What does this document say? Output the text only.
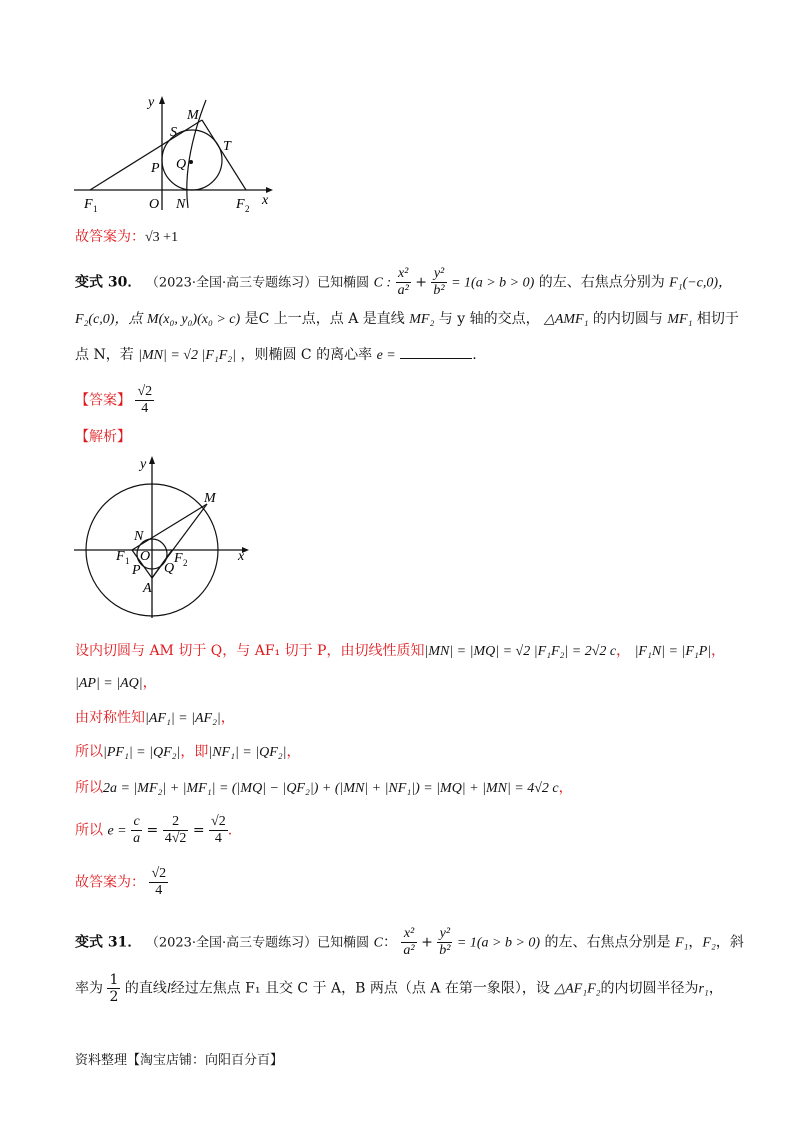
y
M
S
T
P Q
F 1	O N	F 2
x
故答案为：√3 +1
变式 30． （2023·全国·高三专题练习）已知椭圆 C : $\frac{\text{x²}}{\text{a²}} + \frac{\text{y²}}{\text{b²}} = 1(a > b > 0)$ 的左、右焦点分别为 F₁(−c,0)，
F₂(c,0)，点 M(x₀, y₀)(x₀ > c) 是C 上一点，点 A 是直线 MF₂ 与 y 轴的交点， △AMF₁ 的内切圆与 MF₁ 相切于
点 N，若 |MN| = √2 |F₁F₂| ，则椭圆 C 的离心率 e =	.
【答案】 $\frac{√2}{4}$
【解析】
y
M
N
F 1 O F 2	x
P Q
A
设内切圆与 AM 切于 Q，与 AF₁ 切于 P，由切线性质知|MN| = |MQ| = √2 |F₁F₂| = 2√2 c， |F₁N| = |F₁P|，
|AP| = |AQ|，
由对称性知|AF₁| = |AF₂|，
所以|PF₁| = |QF₂|，即|NF₁| = |QF₂|，
所以2a = |MF₂| + |MF₁| = (|MQ| − |QF₂|) + (|MN| + |NF₁|) = |MQ| + |MN| = 4√2 c，
所以 $e = \frac{c}{a} = \frac{2}{4√2} = \frac{√2}{4}$ .
故答案为： $\frac{√2}{4}$
变式 31． （2023·全国·高三专题练习）已知椭圆 C： $\frac{\text{x²}}{\text{a²}} + \frac{\text{y²}}{\text{b²}} = 1(a > b > 0)$ 的左、右焦点分别是 F₁，F₂，斜
率为 $\frac{1}{2}$ 的直线l经过左焦点 F₁ 且交 C 于 A，B 两点（点 A 在第一象限），设 △AF₁F₂的内切圆半径为r₁，
资料整理【淘宝店铺：向阳百分百】
